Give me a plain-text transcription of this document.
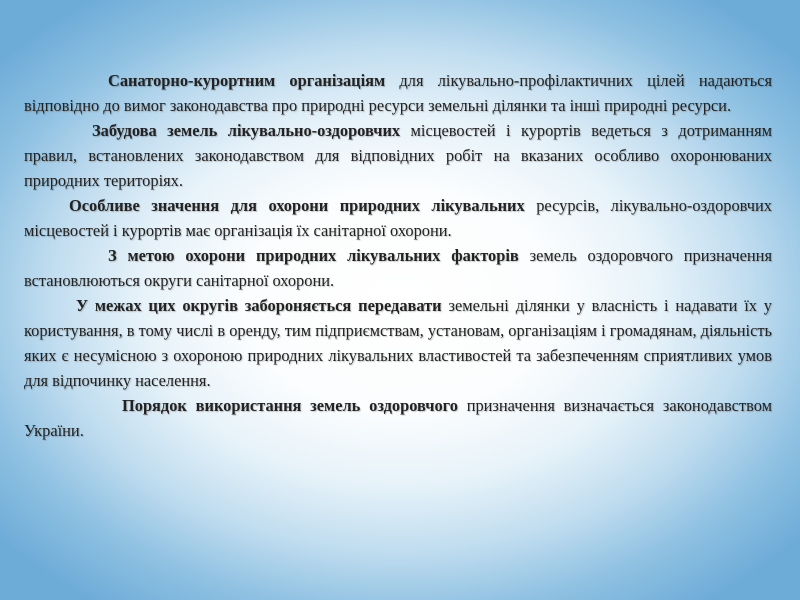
Санаторно-курортним організаціям для лікувально-профілактичних цілей надаються відповідно до вимог законодавства про природні ресурси земельні ділянки та інші природні ресурси.

Забудова земель лікувально-оздоровчих місцевостей і курортів ведеться з дотриманням правил, встановлених законодавством для відповідних робіт на вказаних особливо охоронюваних природних територіях.

Особливе значення для охорони природних лікувальних ресурсів, лікувально-оздоровчих місцевостей і курортів має організація їх санітарної охорони.

З метою охорони природних лікувальних факторів земель оздоровчого призначення встановлюються округи санітарної охорони.

У межах цих округів забороняється передавати земельні ділянки у власність і надавати їх у користування, в тому числі в оренду, тим підприємствам, установам, організаціям і громадянам, діяльність яких є несумісною з охороною природних лікувальних властивостей та забезпеченням сприятливих умов для відпочинку населення.

Порядок використання земель оздоровчого призначення визначається законодавством України.
